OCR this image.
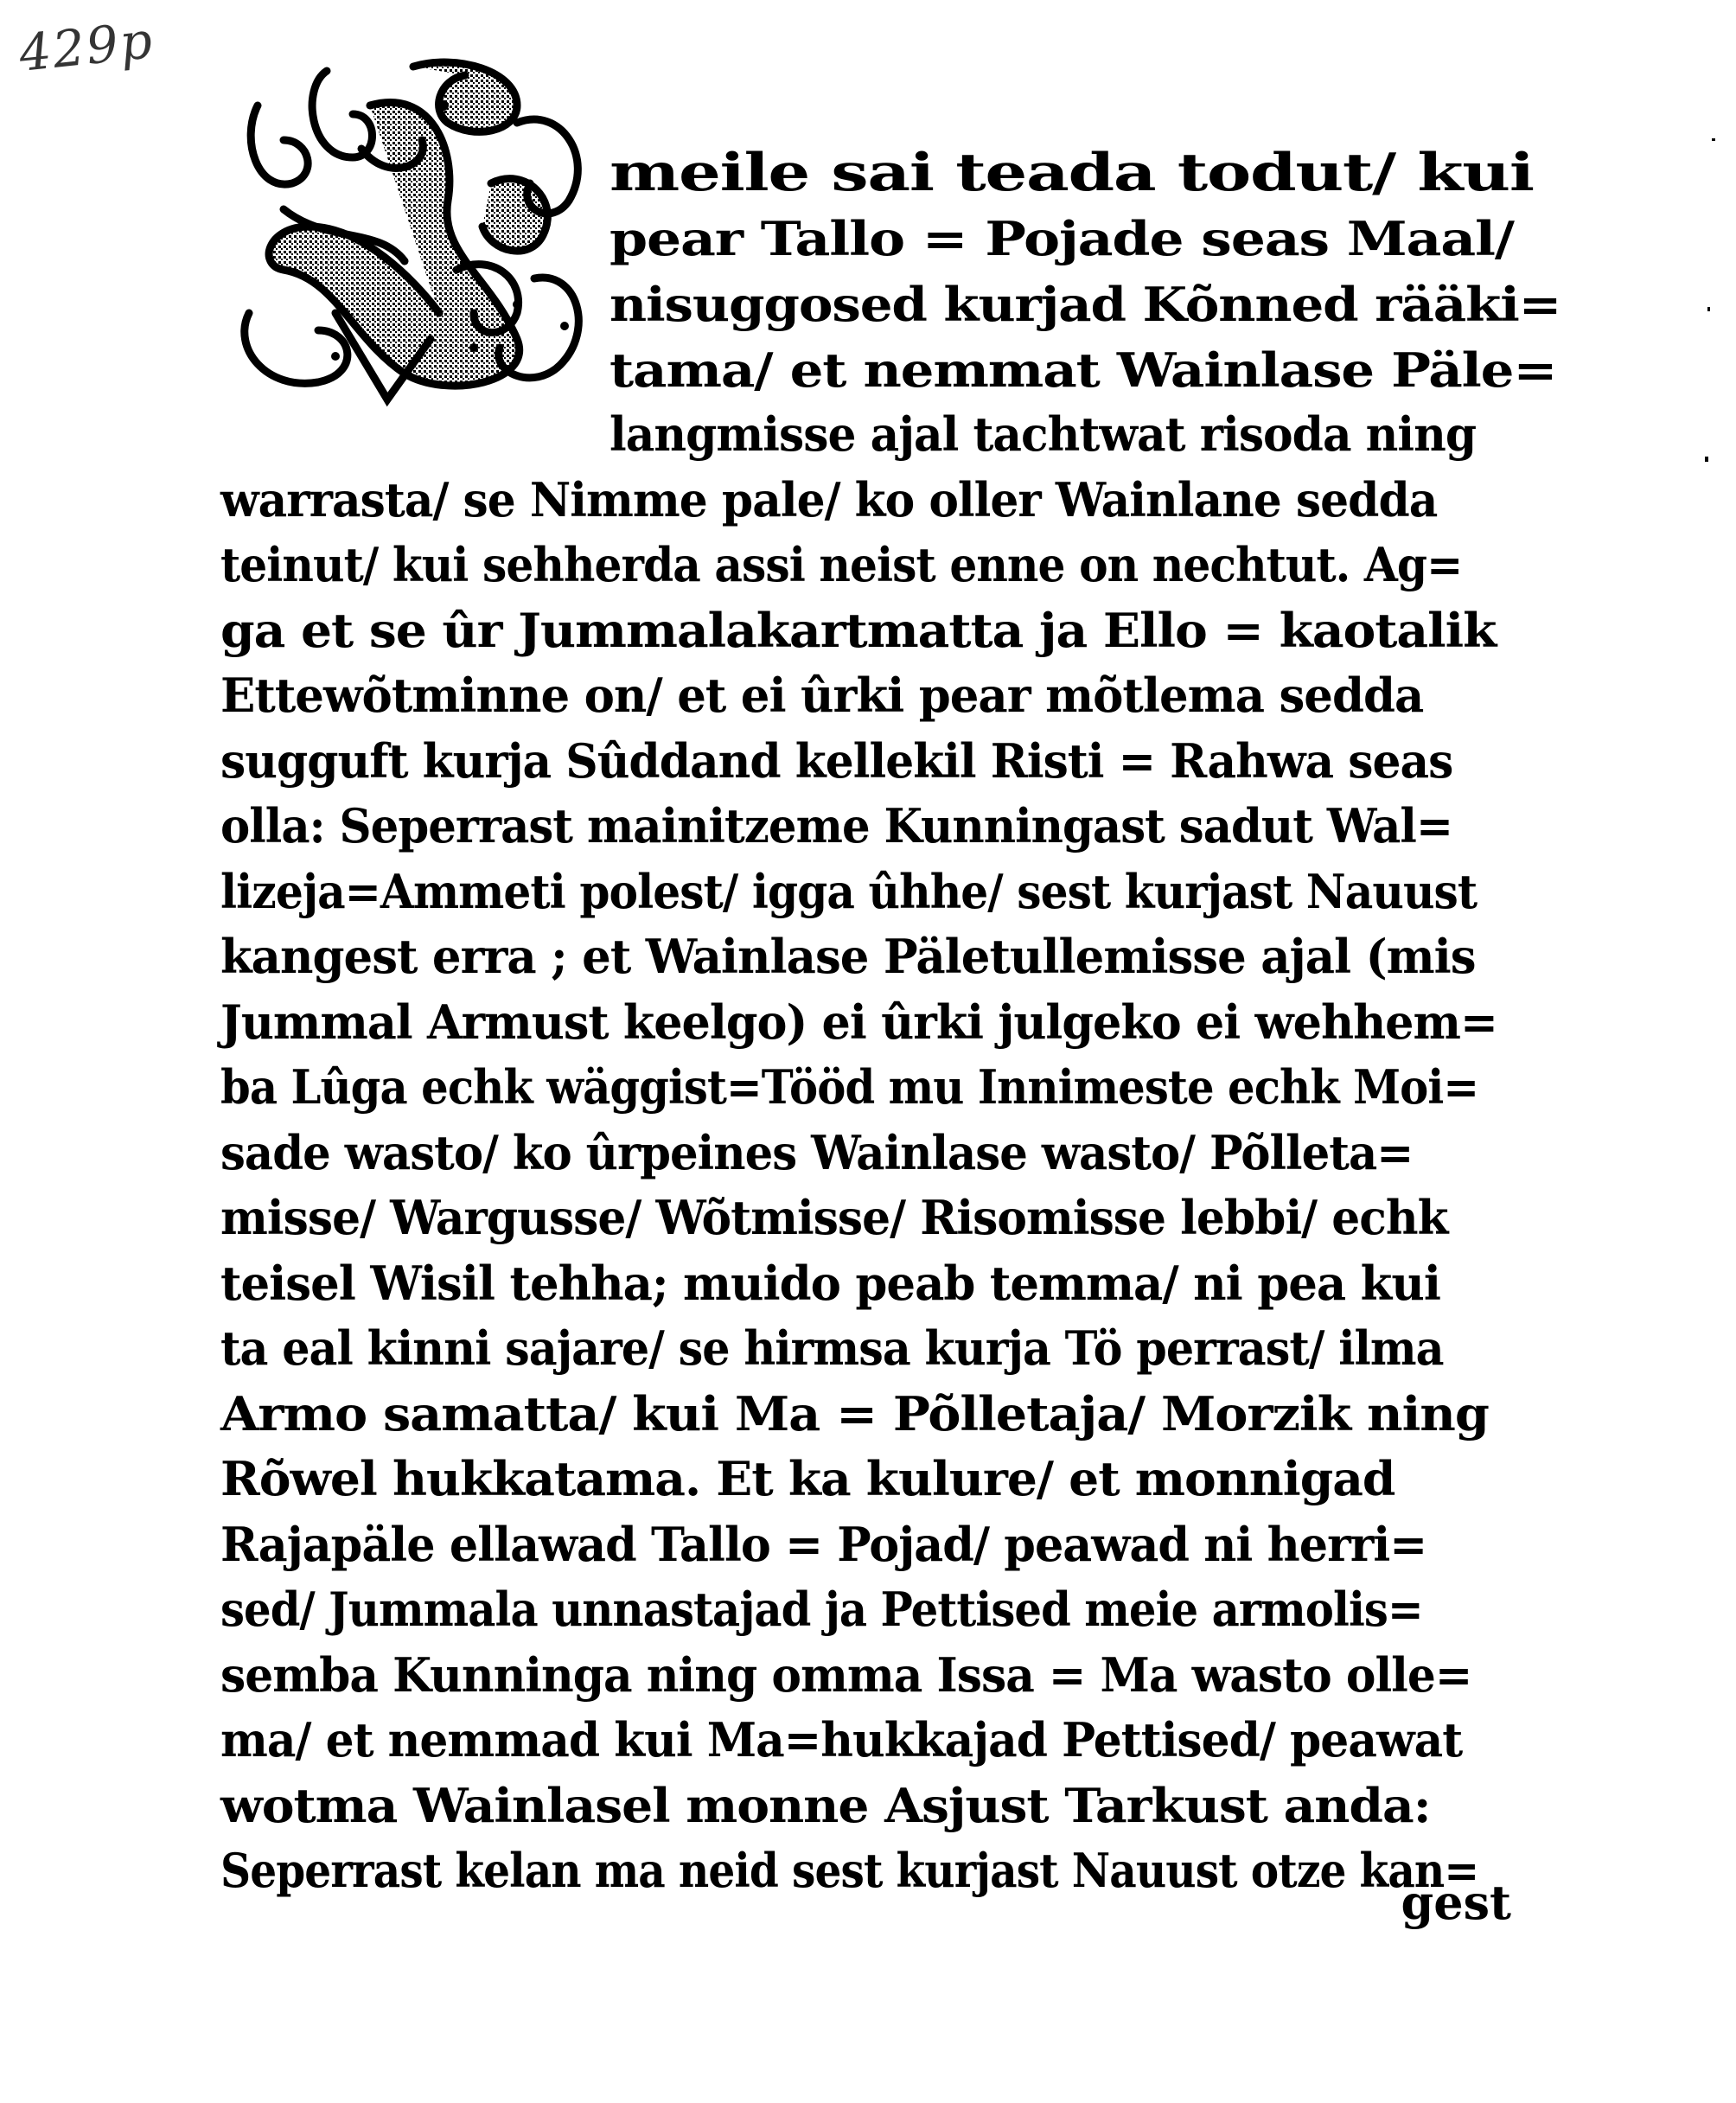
429p
meile sai teada todut/ kui
pear Tallo = Pojade seas Maal/
nisuggosed kurjad Kõnned rääki=
tama/ et nemmat Wainlase Päle=
langmisse ajal tachtwat risoda ning
warrasta/ se Nimme pale/ ko oller Wainlane sedda
teinut/ kui sehherda assi neist enne on nechtut. Ag=
ga et se ûr Jummalakartmatta ja Ello = kaotalik
Ettewõtminne on/ et ei ûrki pear mõtlema sedda
sugguft kurja Sûddand kellekil Risti = Rahwa seas
olla: Seperrast mainitzeme Kunningast sadut Wal=
lizeja=Ammeti polest/ igga ûhhe/ sest kurjast Nauust
kangest erra ; et Wainlase Päletullemisse ajal (mis
Jummal Armust keelgo) ei ûrki julgeko ei wehhem=
ba Lûga echk wäggist=Tööd mu Innimeste echk Moi=
sade wasto/ ko ûrpeines Wainlase wasto/ Põlleta=
misse/ Wargusse/ Wõtmisse/ Risomisse lebbi/ echk
teisel Wisil tehha; muido peab temma/ ni pea kui
ta eal kinni sajare/ se hirmsa kurja Tö perrast/ ilma
Armo samatta/ kui Ma = Põlletaja/ Morzik ning
Rõwel hukkatama. Et ka kulure/ et monnigad
Rajapäle ellawad Tallo = Pojad/ peawad ni herri=
sed/ Jummala unnastajad ja Pettised meie armolis=
semba Kunninga ning omma Issa = Ma wasto olle=
ma/ et nemmad kui Ma=hukkajad Pettised/ peawat
wotma Wainlasel monne Asjust Tarkust anda:
Seperrast kelan ma neid sest kurjast Nauust otze kan=
gest
